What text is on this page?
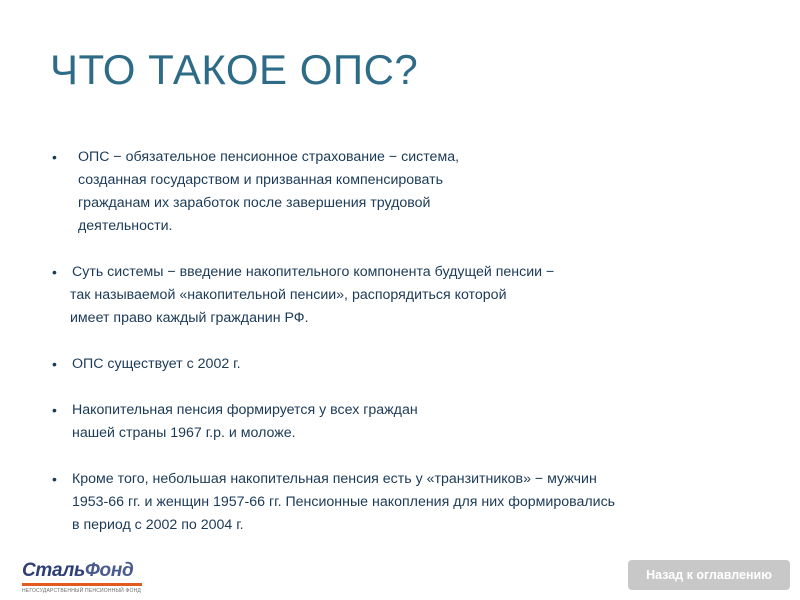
ЧТО ТАКОЕ ОПС?
• ОПС − обязательное пенсионное страхование − система,
созданная государством и призванная компенсировать
гражданам их заработок после завершения трудовой
деятельности.
• Суть системы − введение накопительного компонента будущей пенсии −
так называемой «накопительной пенсии», распорядиться которой
имеет право каждый гражданин РФ.
• ОПС существует с 2002 г.
• Накопительная пенсия формируется у всех граждан
нашей страны 1967 г.р. и моложе.
• Кроме того, небольшая накопительная пенсия есть у «транзитников» − мужчин
1953-66 гг. и женщин 1957-66 гг. Пенсионные накопления для них формировались
в период с 2002 по 2004 г.
СтальФонд
НЕГОСУДАРСТВЕННЫЙ ПЕНСИОННЫЙ ФОНД
Назад к оглавлению
